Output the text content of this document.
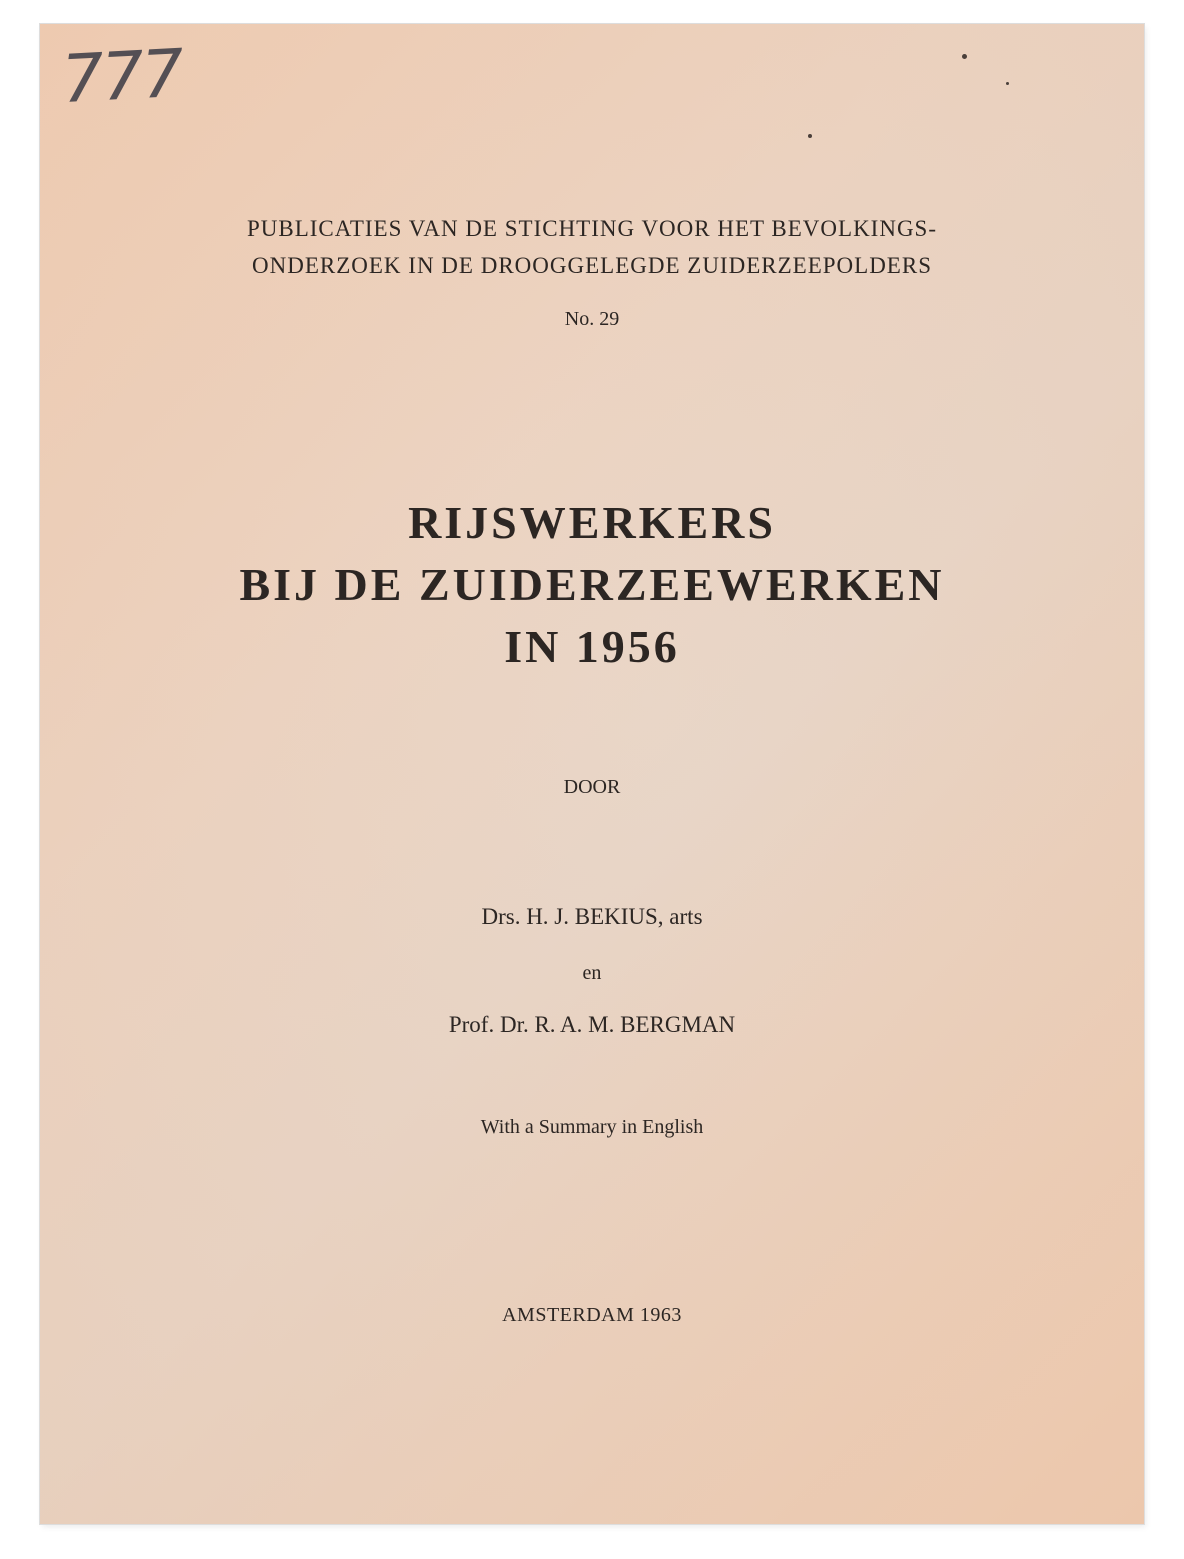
777
PUBLICATIES VAN DE STICHTING VOOR HET BEVOLKINGS-
ONDERZOEK IN DE DROOGGELEGDE ZUIDERZEEPOLDERS
No. 29
RIJSWERKERS
BIJ DE ZUIDERZEEWERKEN
IN 1956
DOOR
Drs. H. J. BEKIUS, arts
en
Prof. Dr. R. A. M. BERGMAN
With a Summary in English
AMSTERDAM 1963
